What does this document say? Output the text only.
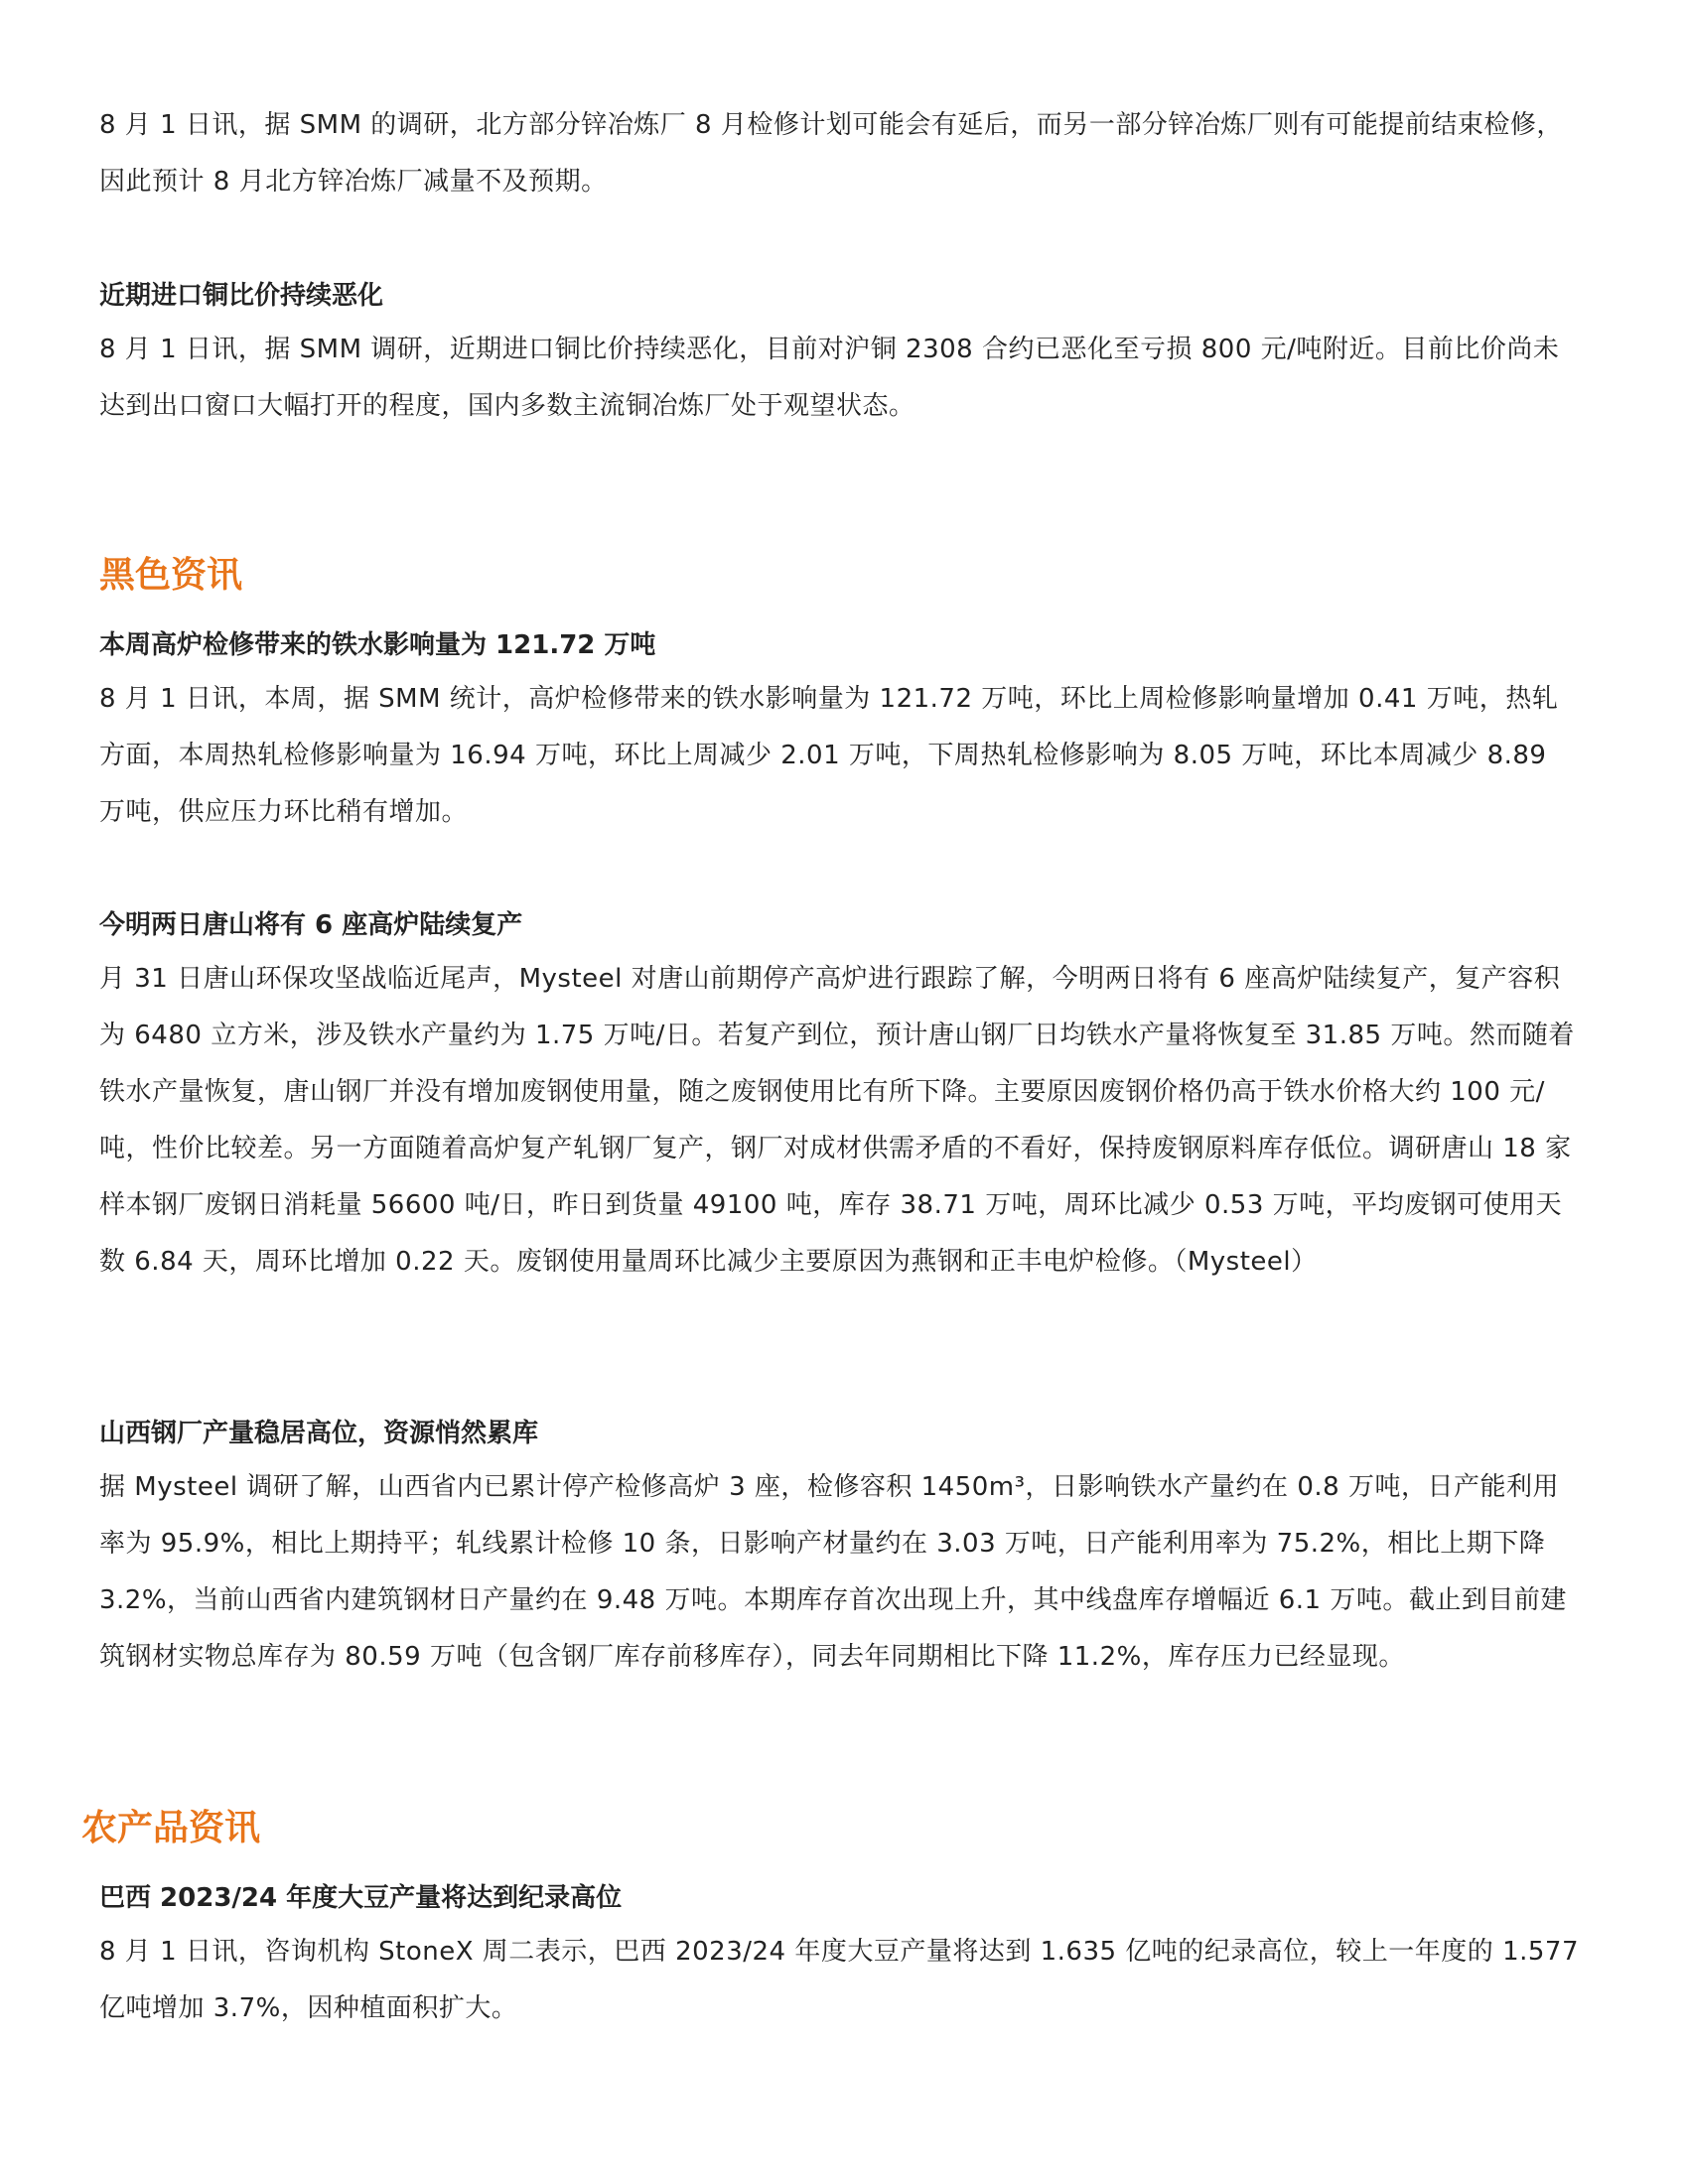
8 月 1 日讯，据 SMM 的调研，北方部分锌冶炼厂 8 月检修计划可能会有延后，而另一部分锌冶炼厂则有可能提前结束检修，因此预计 8 月北方锌冶炼厂减量不及预期。

近期进口铜比价持续恶化

8 月 1 日讯，据 SMM 调研，近期进口铜比价持续恶化，目前对沪铜 2308 合约已恶化至亏损 800 元/吨附近。目前比价尚未达到出口窗口大幅打开的程度，国内多数主流铜冶炼厂处于观望状态。

黑色资讯
本周高炉检修带来的铁水影响量为 121.72 万吨

8 月 1 日讯，本周，据 SMM 统计，高炉检修带来的铁水影响量为 121.72 万吨，环比上周检修影响量增加 0.41 万吨，热轧方面，本周热轧检修影响量为 16.94 万吨，环比上周减少 2.01 万吨，下周热轧检修影响为 8.05 万吨，环比本周减少 8.89 万吨，供应压力环比稍有增加。

今明两日唐山将有 6 座高炉陆续复产

月 31 日唐山环保攻坚战临近尾声，Mysteel 对唐山前期停产高炉进行跟踪了解，今明两日将有 6 座高炉陆续复产，复产容积为 6480 立方米，涉及铁水产量约为 1.75 万吨/日。若复产到位，预计唐山钢厂日均铁水产量将恢复至 31.85 万吨。然而随着铁水产量恢复，唐山钢厂并没有增加废钢使用量，随之废钢使用比有所下降。主要原因废钢价格仍高于铁水价格大约 100 元/吨，性价比较差。另一方面随着高炉复产轧钢厂复产，钢厂对成材供需矛盾的不看好，保持废钢原料库存低位。调研唐山 18 家样本钢厂废钢日消耗量 56600 吨/日，昨日到货量 49100 吨，库存 38.71 万吨，周环比减少 0.53 万吨，平均废钢可使用天数 6.84 天，周环比增加 0.22 天。废钢使用量周环比减少主要原因为燕钢和正丰电炉检修。（Mysteel）

山西钢厂产量稳居高位，资源悄然累库

据 Mysteel 调研了解，山西省内已累计停产检修高炉 3 座，检修容积 1450m³，日影响铁水产量约在 0.8 万吨，日产能利用率为 95.9%，相比上期持平；轧线累计检修 10 条，日影响产材量约在 3.03 万吨，日产能利用率为 75.2%，相比上期下降 3.2%，当前山西省内建筑钢材日产量约在 9.48 万吨。本期库存首次出现上升，其中线盘库存增幅近 6.1 万吨。截止到目前建筑钢材实物总库存为 80.59 万吨（包含钢厂库存前移库存），同去年同期相比下降 11.2%，库存压力已经显现。

农产品资讯
巴西 2023/24 年度大豆产量将达到纪录高位

8 月 1 日讯，咨询机构 StoneX 周二表示，巴西 2023/24 年度大豆产量将达到 1.635 亿吨的纪录高位，较上一年度的 1.577 亿吨增加 3.7%，因种植面积扩大。
